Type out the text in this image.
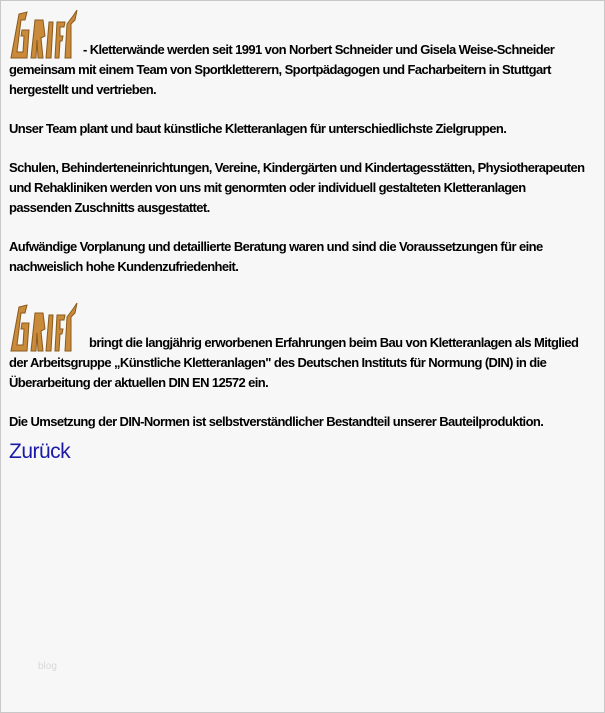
- Kletterwände werden seit 1991 von Norbert Schneider und Gisela Weise-Schneider gemeinsam mit einem Team von Sportkletterern, Sportpädagogen und Facharbeitern in Stuttgart hergestellt und vertrieben.

Unser Team plant und baut künstliche Kletteranlagen für unterschiedlichste Zielgruppen.

Schulen, Behinderteneinrichtungen, Vereine, Kindergärten und Kindertagesstätten, Physiotherapeuten und Rehakliniken werden von uns mit genormten oder individuell gestalteten Kletteranlagen passenden Zuschnitts ausgestattet.

Aufwändige Vorplanung und detaillierte Beratung waren und sind die Voraussetzungen für eine nachweislich hohe Kundenzufriedenheit.

bringt die langjährig erworbenen Erfahrungen beim Bau von Kletteranlagen als Mitglied der Arbeitsgruppe „Künstliche Kletteranlagen" des Deutschen Instituts für Normung (DIN) in die Überarbeitung der aktuellen DIN EN 12572 ein.

Die Umsetzung der DIN-Normen ist selbstverständlicher Bestandteil unserer Bauteilproduktion.

Zurück
blog
